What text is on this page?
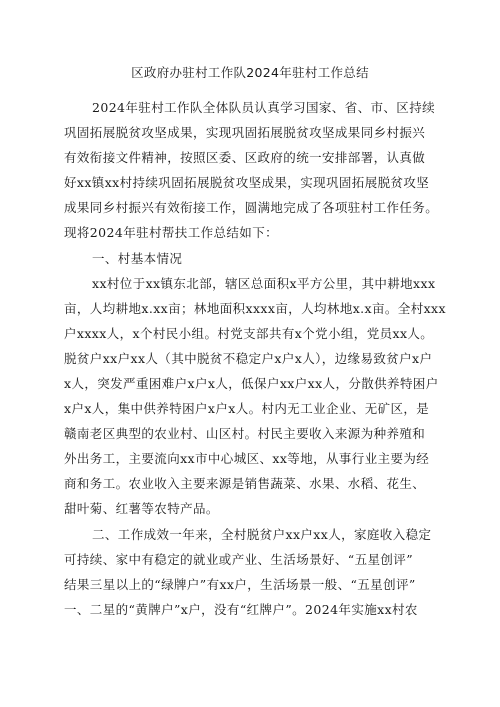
区政府办驻村工作队2024年驻村工作总结
2024年驻村工作队全体队员认真学习国家、省、市、区持续
巩固拓展脱贫攻坚成果，实现巩固拓展脱贫攻坚成果同乡村振兴
有效衔接文件精神，按照区委、区政府的统一安排部署，认真做
好xx镇xx村持续巩固拓展脱贫攻坚成果，实现巩固拓展脱贫攻坚
成果同乡村振兴有效衔接工作，圆满地完成了各项驻村工作任务。
现将2024年驻村帮扶工作总结如下：
一、村基本情况
xx村位于xx镇东北部，辖区总面积x平方公里，其中耕地xxx
亩，人均耕地x.xx亩；林地面积xxxx亩，人均林地x.x亩。全村xxx
户xxxx人，x个村民小组。村党支部共有x个党小组，党员xx人。
脱贫户xx户xx人（其中脱贫不稳定户x户x人），边缘易致贫户x户
x人，突发严重困难户x户x人，低保户xx户xx人，分散供养特困户
x户x人，集中供养特困户x户x人。村内无工业企业、无矿区，是
赣南老区典型的农业村、山区村。村民主要收入来源为种养殖和
外出务工，主要流向xx市中心城区、xx等地，从事行业主要为经
商和务工。农业收入主要来源是销售蔬菜、水果、水稻、花生、
甜叶菊、红薯等农特产品。
二、工作成效一年来，全村脱贫户xx户xx人，家庭收入稳定
可持续、家中有稳定的就业或产业、生活场景好、“五星创评”
结果三星以上的“绿牌户”有xx户，生活场景一般、“五星创评”
一、二星的“黄牌户”x户，没有“红牌户”。2024年实施xx村农
